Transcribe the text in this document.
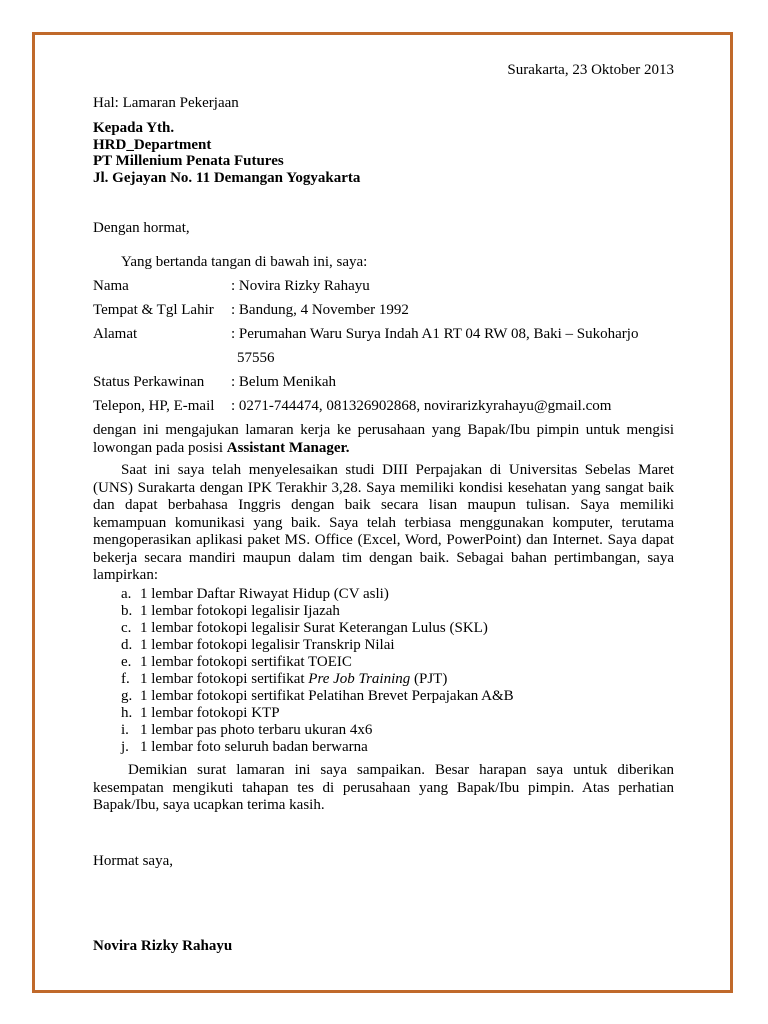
Surakarta, 23 Oktober 2013
Hal: Lamaran Pekerjaan
Kepada Yth.
HRD_Department
PT Millenium Penata Futures
Jl. Gejayan No. 11 Demangan Yogyakarta
Dengan hormat,
Yang bertanda tangan di bawah ini, saya:
Nama	: Novira Rizky Rahayu
Tempat & Tgl Lahir : Bandung, 4 November 1992
Alamat	: Perumahan Waru Surya Indah A1 RT 04 RW 08, Baki – Sukoharjo
57556
Status Perkawinan : Belum Menikah
Telepon, HP, E-mail : 0271-744474, 081326902868, novirarizkyrahayu@gmail.com
dengan ini mengajukan lamaran kerja ke perusahaan yang Bapak/Ibu pimpin untuk mengisi lowongan pada posisi Assistant Manager.
Saat ini saya telah menyelesaikan studi DIII Perpajakan di Universitas Sebelas Maret (UNS) Surakarta dengan IPK Terakhir 3,28. Saya memiliki kondisi kesehatan yang sangat baik dan dapat berbahasa Inggris dengan baik secara lisan maupun tulisan. Saya memiliki kemampuan komunikasi yang baik. Saya telah terbiasa menggunakan komputer, terutama mengoperasikan aplikasi paket MS. Office (Excel, Word, PowerPoint) dan Internet. Saya dapat bekerja secara mandiri maupun dalam tim dengan baik. Sebagai bahan pertimbangan, saya lampirkan:
a. 1 lembar Daftar Riwayat Hidup (CV asli)
b. 1 lembar fotokopi legalisir Ijazah
c. 1 lembar fotokopi legalisir Surat Keterangan Lulus (SKL)
d. 1 lembar fotokopi legalisir Transkrip Nilai
e. 1 lembar fotokopi sertifikat TOEIC
f. 1 lembar fotokopi sertifikat Pre Job Training (PJT)
g. 1 lembar fotokopi sertifikat Pelatihan Brevet Perpajakan A&B
h. 1 lembar fotokopi KTP
i. 1 lembar pas photo terbaru ukuran 4x6
j. 1 lembar foto seluruh badan berwarna
Demikian surat lamaran ini saya sampaikan. Besar harapan saya untuk diberikan kesempatan mengikuti tahapan tes di perusahaan yang Bapak/Ibu pimpin. Atas perhatian Bapak/Ibu, saya ucapkan terima kasih.
Hormat saya,
Novira Rizky Rahayu
